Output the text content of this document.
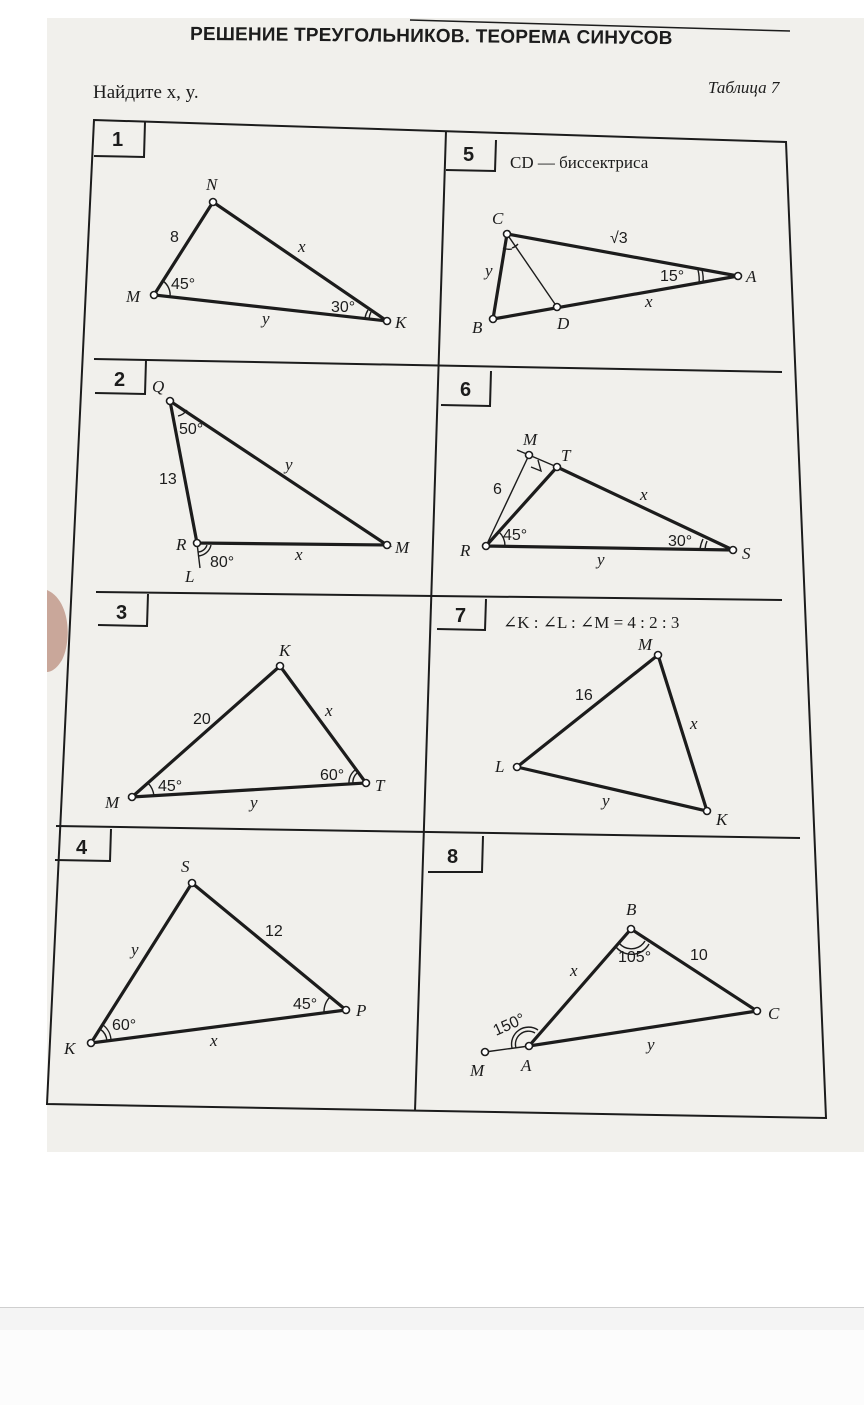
1
5
2	6
3	7
4	8
N
M
K
8	x
y
45°
30°
CD — биссектриса
C
A
B	D
√3
y
x
15°
Q
R	M
L
13
y
x
50°
80°
M
T
R	S
6	x
y
45°	30°
K
M
T
20	x
y
45°
60°
∠K : ∠L : ∠M = 4 : 2 : 3
M
L
K
16
x
y
S
K
P
y
12
x
60°
45°
B
C
A
M
x
10
y
105°
150°
РЕШЕНИЕ ТРЕУГОЛЬНИКОВ. ТЕОРЕМА СИНУСОВ
Найдите x, y.	Таблица 7
